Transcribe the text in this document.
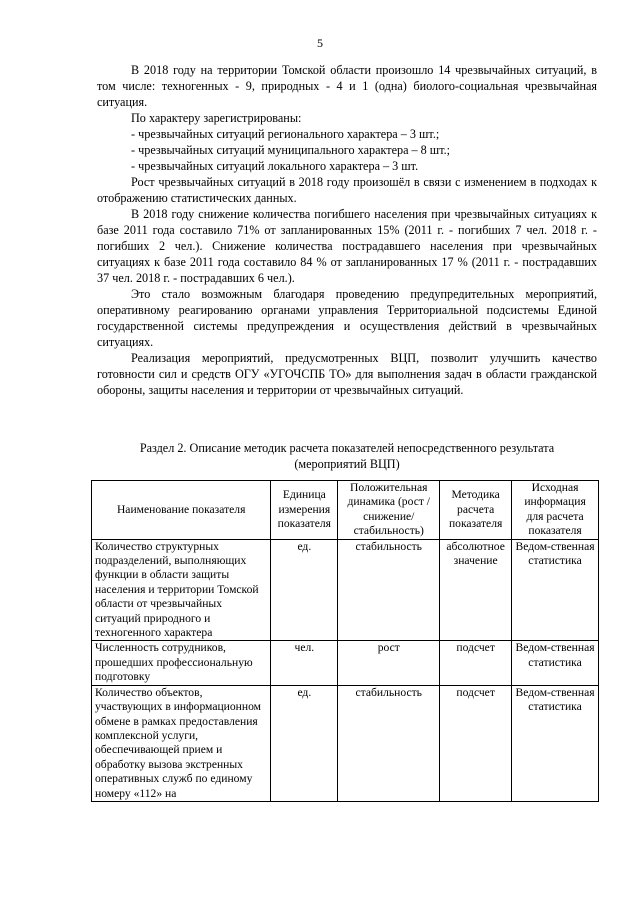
5

В 2018 году на территории Томской области произошло 14 чрезвычайных ситуаций, в том числе: техногенных - 9, природных - 4 и 1 (одна) биолого-социальная чрезвычайная ситуация.

По характеру зарегистрированы:

- чрезвычайных ситуаций регионального характера – 3 шт.;

- чрезвычайных ситуаций муниципального характера – 8 шт.;

- чрезвычайных ситуаций локального характера – 3 шт.

Рост чрезвычайных ситуаций в 2018 году произошёл в связи с изменением в подходах к отображению статистических данных.

В 2018 году снижение количества погибшего населения при чрезвычайных ситуациях к базе 2011 года составило 71% от запланированных 15% (2011 г. - погибших 7 чел. 2018 г. - погибших 2 чел.). Снижение количества пострадавшего населения при чрезвычайных ситуациях к базе 2011 года составило 84 % от запланированных 17 % (2011 г. - пострадавших 37 чел. 2018 г. - пострадавших 6 чел.).

Это стало возможным благодаря проведению предупредительных мероприятий, оперативному реагированию органами управления Территориальной подсистемы Единой государственной системы предупреждения и осуществления действий в чрезвычайных ситуациях.

Реализация мероприятий, предусмотренных ВЦП, позволит улучшить качество готовности сил и средств ОГУ «УГОЧСПБ ТО» для выполнения задач в области гражданской обороны, защиты населения и территории от чрезвычайных ситуаций.

Раздел 2. Описание методик расчета показателей непосредственного результата
(мероприятий ВЦП)
Наименование показателя	Единица измерения показателя	Положительная динамика (рост / снижение/ стабильность)	Методика расчета показателя	Исходная информация для расчета показателя
Количество структурных подразделений, выполняющих функции в области защиты населения и территории Томской области от чрезвычайных ситуаций природного и техногенного характера	ед.	стабильность	абсолютное значение	Ведом-ственная статистика
Численность сотрудников, прошедших профессиональную подготовку	чел.	рост	подсчет	Ведом-ственная статистика
Количество объектов, участвующих в информационном обмене в рамках предоставления комплексной услуги, обеспечивающей прием и обработку вызова экстренных оперативных служб по единому номеру «112» на	ед.	стабильность	подсчет	Ведом-ственная статистика
